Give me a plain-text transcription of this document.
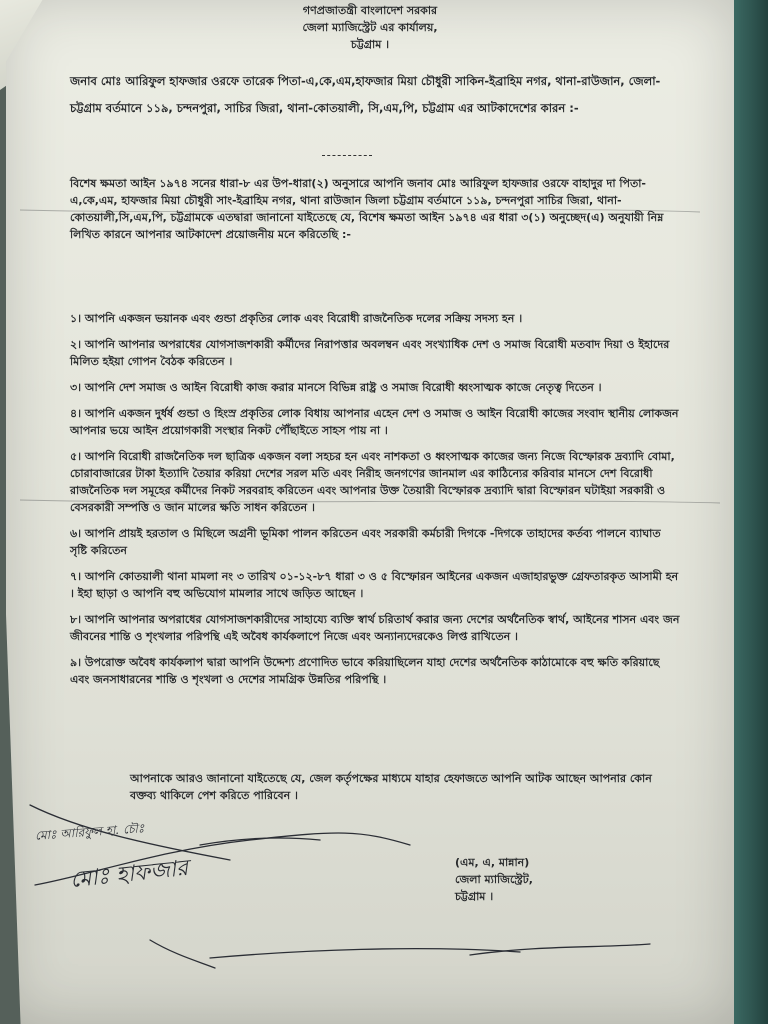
গণপ্রজাতন্ত্রী বাংলাদেশ সরকার
জেলা ম্যাজিস্ট্রেট এর কার্যালয়,
চট্টগ্রাম ।
জনাব মোঃ আরিফুল হাফজার ওরফে তারেক পিতা-এ,কে,এম,হাফজার মিয়া চৌধুরী সাকিন-ইব্রাহিম নগর, থানা-রাউজান, জেলা-চট্টগ্রাম বর্তমানে ১১৯, চন্দনপুরা, সাচির জিরা, থানা-কোতয়ালী, সি,এম,পি, চট্টগ্রাম এর আটকাদেশের কারন :-
বিশেষ ক্ষমতা আইন ১৯৭৪ সনের ধারা-৮ এর উপ-ধারা(২) অনুসারে আপনি জনাব মোঃ আরিফুল হাফজার ওরফে বাহাদুর দা পিতা-এ,কে,এম, হাফজার মিয়া চৌধুরী সাং-ইব্রাহিম নগর, থানা রাউজান জিলা চট্টগ্রাম বর্তমানে ১১৯, চন্দনপুরা সাচির জিরা, থানা-কোতয়ালী,সি,এম,পি, চট্টগ্রামকে এতদ্বারা জানানো যাইতেছে যে, বিশেষ ক্ষমতা আইন ১৯৭৪ এর ধারা ৩(১) অনুচ্ছেদ(এ) অনুযায়ী নিম্ন লিখিত কারনে আপনার আটকাদেশ প্রয়োজনীয় মনে করিতেছি :-
১। আপনি একজন ভয়ানক এবং গুন্ডা প্রকৃতির লোক এবং বিরোধী রাজনৈতিক দলের সক্রিয় সদস্য হন ।
২। আপনি আপনার অপরাধের যোগসাজশকারী কর্মীদের নিরাপত্তার অবলম্বন এবং সংখ্যাধিক দেশ ও সমাজ বিরোধী মতবাদ দিয়া ও ইহাদের মিলিত হইয়া গোপন বৈঠক করিতেন ।
৩। আপনি দেশ সমাজ ও আইন বিরোধী কাজ করার মানসে বিভিন্ন রাষ্ট্র ও সমাজ বিরোধী ধ্বংসাত্মক কাজে নেতৃত্ব দিতেন ।
৪। আপনি একজন দুর্ধর্ষ গুন্ডা ও হিংস্র প্রকৃতির লোক বিধায় আপনার এহেন দেশ ও সমাজ ও আইন বিরোধী কাজের সংবাদ স্থানীয় লোকজন আপনার ভয়ে আইন প্রয়োগকারী সংস্থার নিকট পৌঁছাইতে সাহস পায় না ।
৫। আপনি বিরোধী রাজনৈতিক দল ছাত্রিক একজন বলা সহচর হন এবং নাশকতা ও ধ্বংসাত্মক কাজের জন্য নিজে বিস্ফোরক দ্রব্যাদি বোমা, চোরাবাজারের টাকা ইত্যাদি তৈয়ার করিয়া দেশের সরল মতি এবং নিরীহ জনগণের জানমাল এর কাঠিন্যের করিবার মানসে দেশ বিরোধী রাজনৈতিক দল সমূহের কর্মীদের নিকট সরবরাহ করিতেন এবং আপনার উক্ত তৈয়ারী বিস্ফোরক দ্রব্যাদি দ্বারা বিস্ফোরন ঘটাইয়া সরকারী ও বেসরকারী সম্পত্তি ও জান মালের ক্ষতি সাধন করিতেন ।
৬। আপনি প্রায়ই হরতাল ও মিছিলে অগ্রনী ভূমিকা পালন করিতেন এবং সরকারী কর্মচারী দিগকে -দিগকে তাহাদের কর্তব্য পালনে ব্যাঘাত সৃষ্টি করিতেন
৭। আপনি কোতয়ালী থানা মামলা নং ৩ তারিখ ০১-১২-৮৭ ধারা ৩ ও ৫ বিস্ফোরন আইনের একজন এজাহারভুক্ত গ্রেফতারকৃত আসামী হন । ইহা ছাড়া ও আপনি বহু অভিযোগ মামলার সাথে জড়িত আছেন ।
৮। আপনি আপনার অপরাধের যোগসাজশকারীদের সাহায্যে ব্যক্তি স্বার্থ চরিতার্থ করার জন্য দেশের অর্থনৈতিক স্বার্থ, আইনের শাসন এবং জন জীবনের শান্তি ও শৃংখলার পরিপন্থি এই অবৈধ কার্যকলাপে নিজে এবং অন্যান্যদেরকেও লিপ্ত রাখিতেন ।
৯। উপরোক্ত অবৈধ কার্যকলাপ দ্বারা আপনি উদ্দেশ্য প্রণোদিত ভাবে করিয়াছিলেন যাহা দেশের অর্থনৈতিক কাঠামোকে বহু ক্ষতি করিয়াছে এবং জনসাধারনের শান্তি ও শৃংখলা ও দেশের সামগ্রিক উন্নতির পরিপন্থি ।
আপনাকে আরও জানানো যাইতেছে যে, জেল কর্তৃপক্ষের মাধ্যমে যাহার হেফাজতে আপনি আটক আছেন আপনার কোন বক্তব্য থাকিলে পেশ করিতে পারিবেন ।
মোঃ আরিফুল হা. চৌঃ
মোঃ হাফজার	(এম, এ, মান্নান)
জেলা ম্যাজিস্ট্রেট,
চট্টগ্রাম ।
